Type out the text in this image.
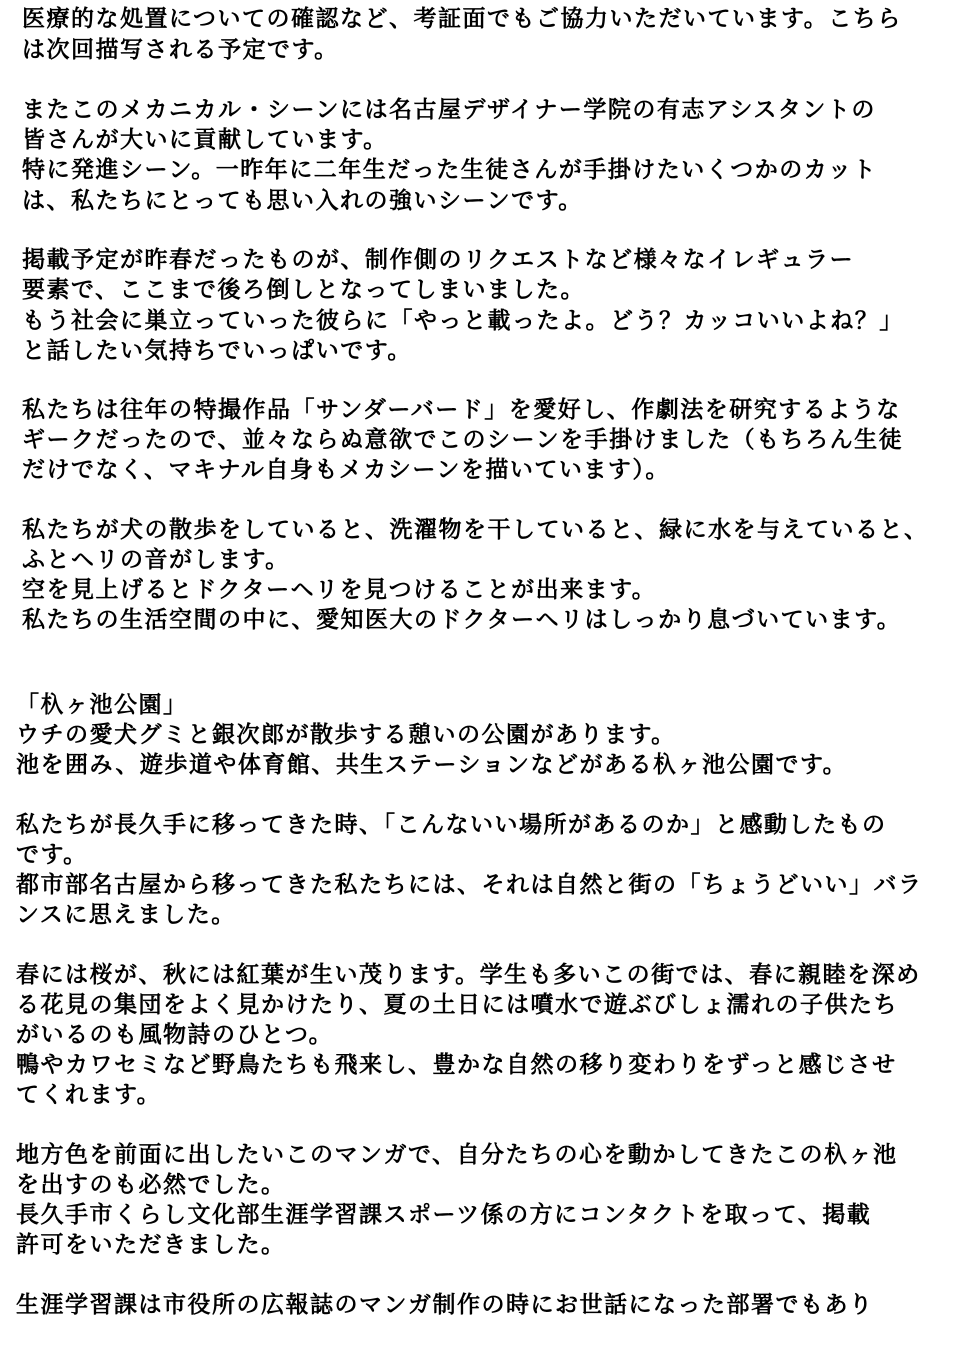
医療的な処置についての確認など、考証面でもご協力いただいています。こちら

は次回描写される予定です。

またこのメカニカル・シーンには名古屋デザイナー学院の有志アシスタントの

皆さんが大いに貢献しています。

特に発進シーン。一昨年に二年生だった生徒さんが手掛けたいくつかのカット

は、私たちにとっても思い入れの強いシーンです。

掲載予定が昨春だったものが、制作側のリクエストなど様々なイレギュラー

要素で、ここまで後ろ倒しとなってしまいました。

もう社会に巣立っていった彼らに「やっと載ったよ。どう？カッコいいよね？」

と話したい気持ちでいっぱいです。

私たちは往年の特撮作品「サンダーバード」を愛好し、作劇法を研究するような

ギークだったので、並々ならぬ意欲でこのシーンを手掛けました（もちろん生徒

だけでなく、マキナル自身もメカシーンを描いています）。

私たちが犬の散歩をしていると、洗濯物を干していると、緑に水を与えていると、

ふとヘリの音がします。

空を見上げるとドクターヘリを見つけることが出来ます。

私たちの生活空間の中に、愛知医大のドクターヘリはしっかり息づいています。

「杁ヶ池公園」

ウチの愛犬グミと銀次郎が散歩する憩いの公園があります。

池を囲み、遊歩道や体育館、共生ステーションなどがある杁ヶ池公園です。

私たちが長久手に移ってきた時、「こんないい場所があるのか」と感動したもの

です。

都市部名古屋から移ってきた私たちには、それは自然と街の「ちょうどいい」バラ

ンスに思えました。

春には桜が、秋には紅葉が生い茂ります。学生も多いこの街では、春に親睦を深め

る花見の集団をよく見かけたり、夏の土日には噴水で遊ぶびしょ濡れの子供たち

がいるのも風物詩のひとつ。

鴨やカワセミなど野鳥たちも飛来し、豊かな自然の移り変わりをずっと感じさせ

てくれます。

地方色を前面に出したいこのマンガで、自分たちの心を動かしてきたこの杁ヶ池

を出すのも必然でした。

長久手市くらし文化部生涯学習課スポーツ係の方にコンタクトを取って、掲載

許可をいただきました。

生涯学習課は市役所の広報誌のマンガ制作の時にお世話になった部署でもあり
